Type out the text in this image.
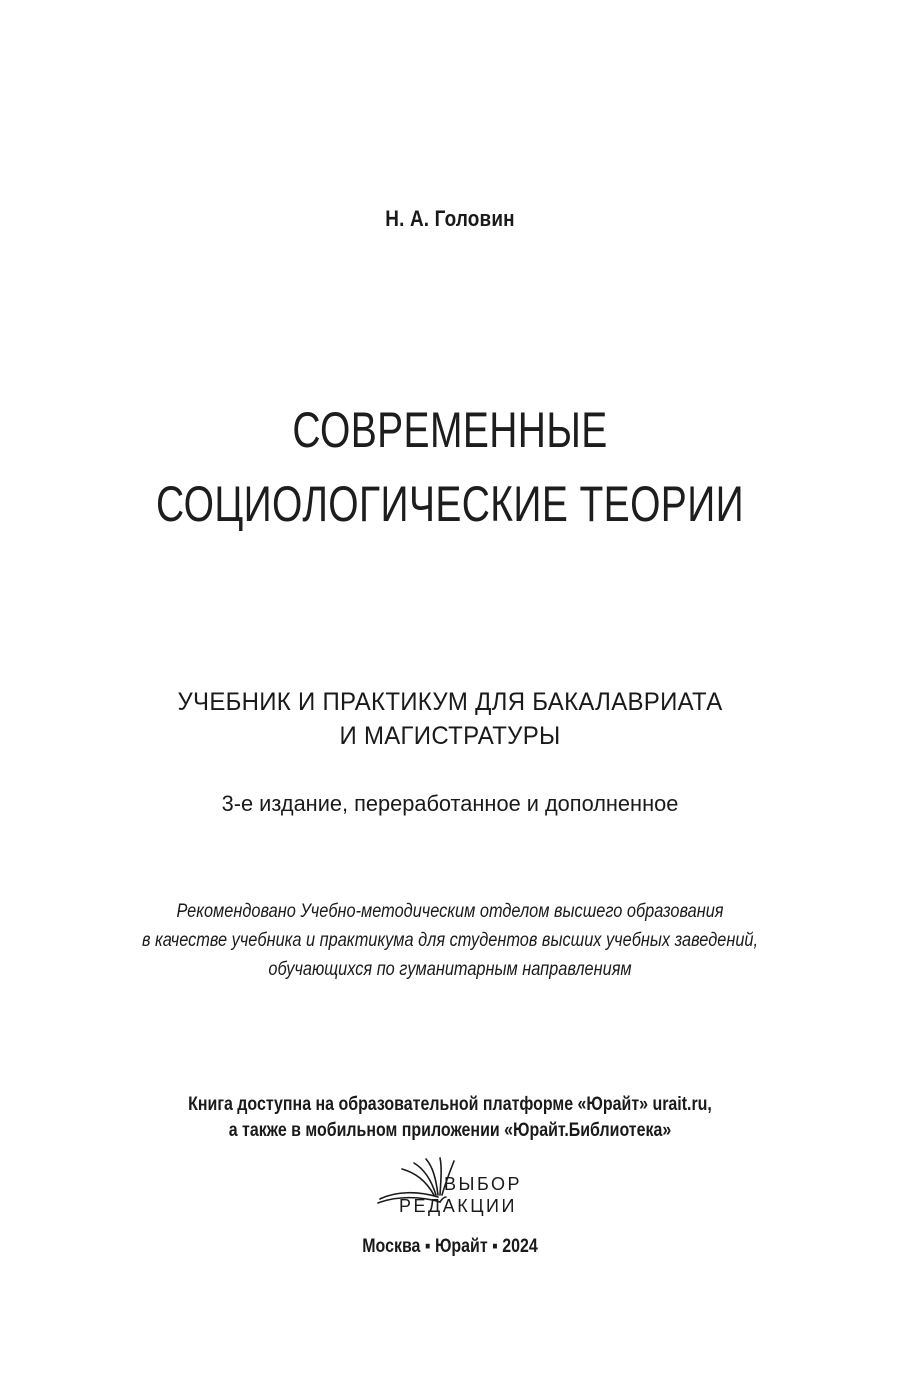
Н. А. Головин
СОВРЕМЕННЫЕ
СОЦИОЛОГИЧЕСКИЕ ТЕОРИИ
УЧЕБНИК И ПРАКТИКУМ ДЛЯ БАКАЛАВРИАТА
И МАГИСТРАТУРЫ
3-е издание, переработанное и дополненное
Рекомендовано Учебно-методическим отделом высшего образования
в качестве учебника и практикума для студентов высших учебных заведений,
обучающихся по гуманитарным направлениям
Книга доступна на образовательной платформе «Юрайт» urait.ru,
а также в мобильном приложении «Юрайт.Библиотека»
ВЫБОР
РЕДАКЦИИ
Москва ▪ Юрайт ▪ 2024
